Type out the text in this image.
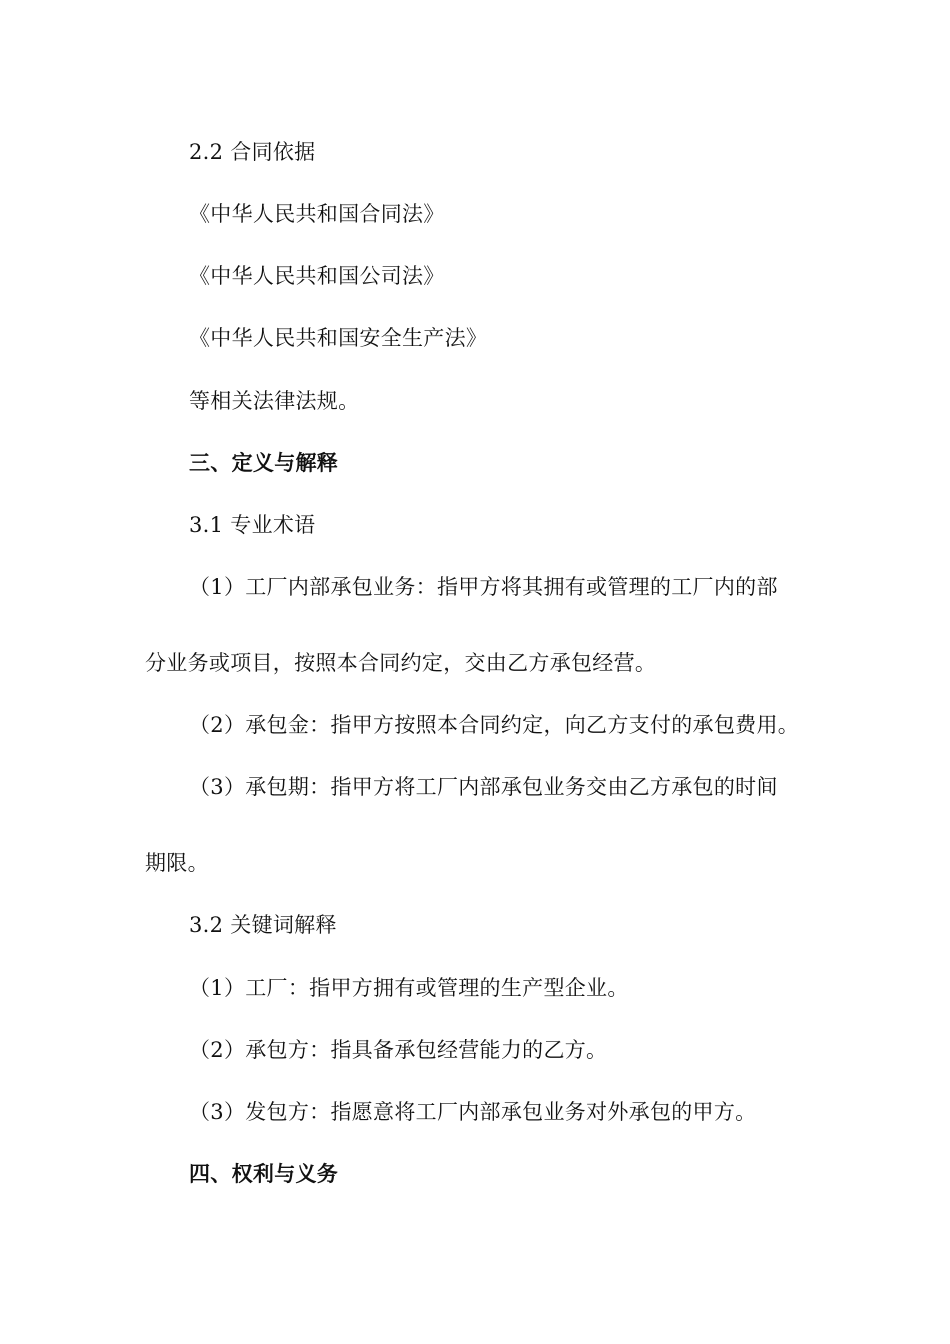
2.2 合同依据
《中华人民共和国合同法》
《中华人民共和国公司法》
《中华人民共和国安全生产法》
等相关法律法规。
三、定义与解释
3.1 专业术语
（1）工厂内部承包业务：指甲方将其拥有或管理的工厂内的部
分业务或项目，按照本合同约定，交由乙方承包经营。
（2）承包金：指甲方按照本合同约定，向乙方支付的承包费用。
（3）承包期：指甲方将工厂内部承包业务交由乙方承包的时间
期限。
3.2 关键词解释
（1）工厂：指甲方拥有或管理的生产型企业。
（2）承包方：指具备承包经营能力的乙方。
（3）发包方：指愿意将工厂内部承包业务对外承包的甲方。
四、权利与义务
